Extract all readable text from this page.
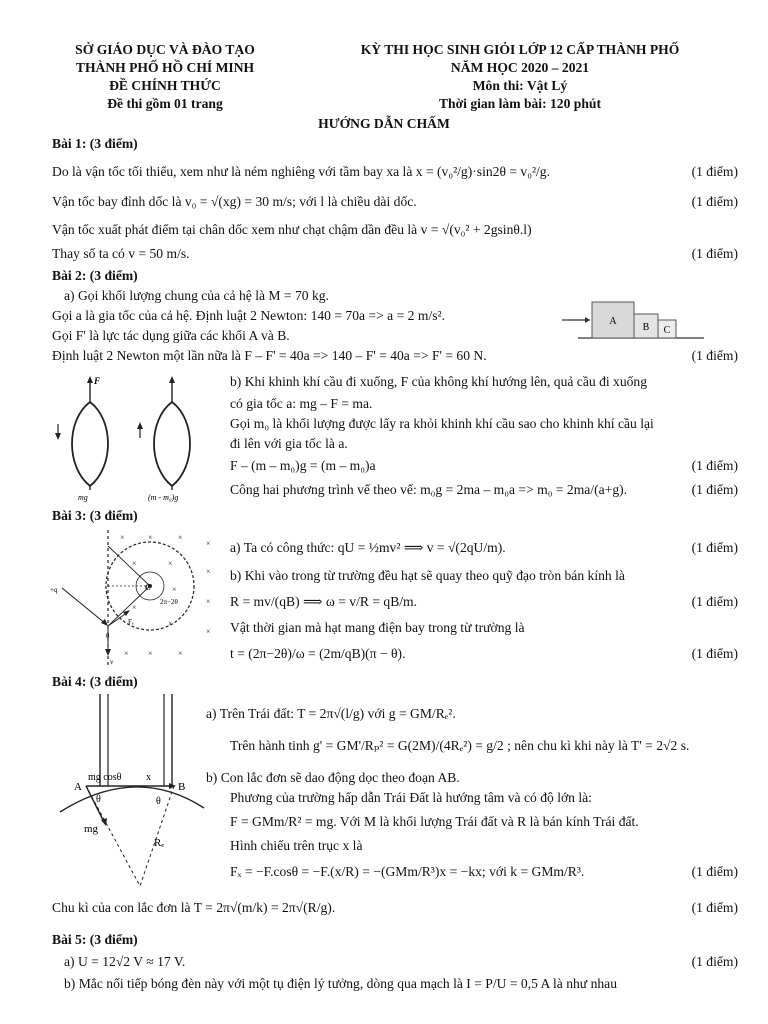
SỞ GIÁO DỤC VÀ ĐÀO TẠO
THÀNH PHỐ HỒ CHÍ MINH
ĐỀ CHÍNH THỨC
Đề thi gồm 01 trang
KỲ THI HỌC SINH GIỎI LỚP 12 CẤP THÀNH PHỐ
NĂM HỌC 2020 – 2021
Môn thi: Vật Lý
Thời gian làm bài: 120 phút
HƯỚNG DẪN CHẤM
Bài 1: (3 điểm)
Do là vận tốc tối thiểu, xem như là ném nghiêng với tầm bay xa là x = (v₀²/g)·sin2θ = v₀²/g.	(1 điểm)
Vận tốc bay đỉnh dốc là v₀ = √(xg) = 30 m/s; với l là chiều dài dốc.	(1 điểm)
Vận tốc xuất phát điểm tại chân dốc xem như chạt chậm dần đều là v = √(v₀² + 2gsinθ.l)
Thay số ta có v = 50 m/s.	(1 điểm)
Bài 2: (3 điểm)
a) Gọi khối lượng chung của cả hệ là M = 70 kg.
Gọi a là gia tốc của cả hệ. Định luật 2 Newton: 140 = 70a => a = 2 m/s².
Gọi F' là lực tác dụng giữa các khối A và B.
Định luật 2 Newton một lần nữa là F – F' = 40a => 140 – F' = 40a => F' = 60 N.	(1 điểm)
A
B C
F
mg	(m - m₀)g
b) Khi khinh khí cầu đi xuống, F của không khí hướng lên, quả cầu đi xuống
có gia tốc a: mg – F = ma.
Gọi m₀ là khối lượng được lấy ra khỏi khinh khí cầu sao cho khinh khí cầu lại
đi lên với gia tốc là a.
F – (m – m₀)g = (m – m₀)a	(1 điểm)
Công hai phương trình vế theo vế: m₀g = 2ma – m₀a => m₀ = 2ma/(a+g).	(1 điểm)
Bài 3: (3 điểm)
C
2π−2θ
+q
θ
Fₑ
v
×	×	×
×
×
×
×
×
×
×
×	×
×
×
×
a) Ta có công thức: qU = ½mv² ⟹ v = √(2qU/m).	(1 điểm)
b) Khi vào trong từ trường đều hạt sẽ quay theo quỹ đạo tròn bán kính là
R = mv/(qB) ⟹ ω = v/R = qB/m.	(1 điểm)
Vật thời gian mà hạt mang điện bay trong từ trường là
t = (2π−2θ)/ω = (2m/qB)(π − θ).	(1 điểm)
Bài 4: (3 điểm)
mg cosθ x
A	B
θ	θ
mg
Rₑ
a) Trên Trái đất: T = 2π√(l/g) với g = GM/Rₑ².
Trên hành tinh g' = GM'/Rₚ² = G(2M)/(4Rₑ²) = g/2 ; nên chu kì khi này là T' = 2√2 s.
b) Con lắc đơn sẽ dao động dọc theo đoạn AB.
Phương của trường hấp dẫn Trái Đất là hướng tâm và có độ lớn là:
F = GMm/R² = mg. Với M là khối lượng Trái đất và R là bán kính Trái đất.
Hình chiếu trên trục x là
Fₓ = −F.cosθ = −F.(x/R) = −(GMm/R³)x = −kx; với k = GMm/R³.	(1 điểm)
Chu kì của con lắc đơn là T = 2π√(m/k) = 2π√(R/g).	(1 điểm)
Bài 5: (3 điểm)
a) U = 12√2 V ≈ 17 V.	(1 điểm)
b) Mắc nối tiếp bóng đèn này với một tụ điện lý tưởng, dòng qua mạch là I = P/U = 0,5 A là như nhau
